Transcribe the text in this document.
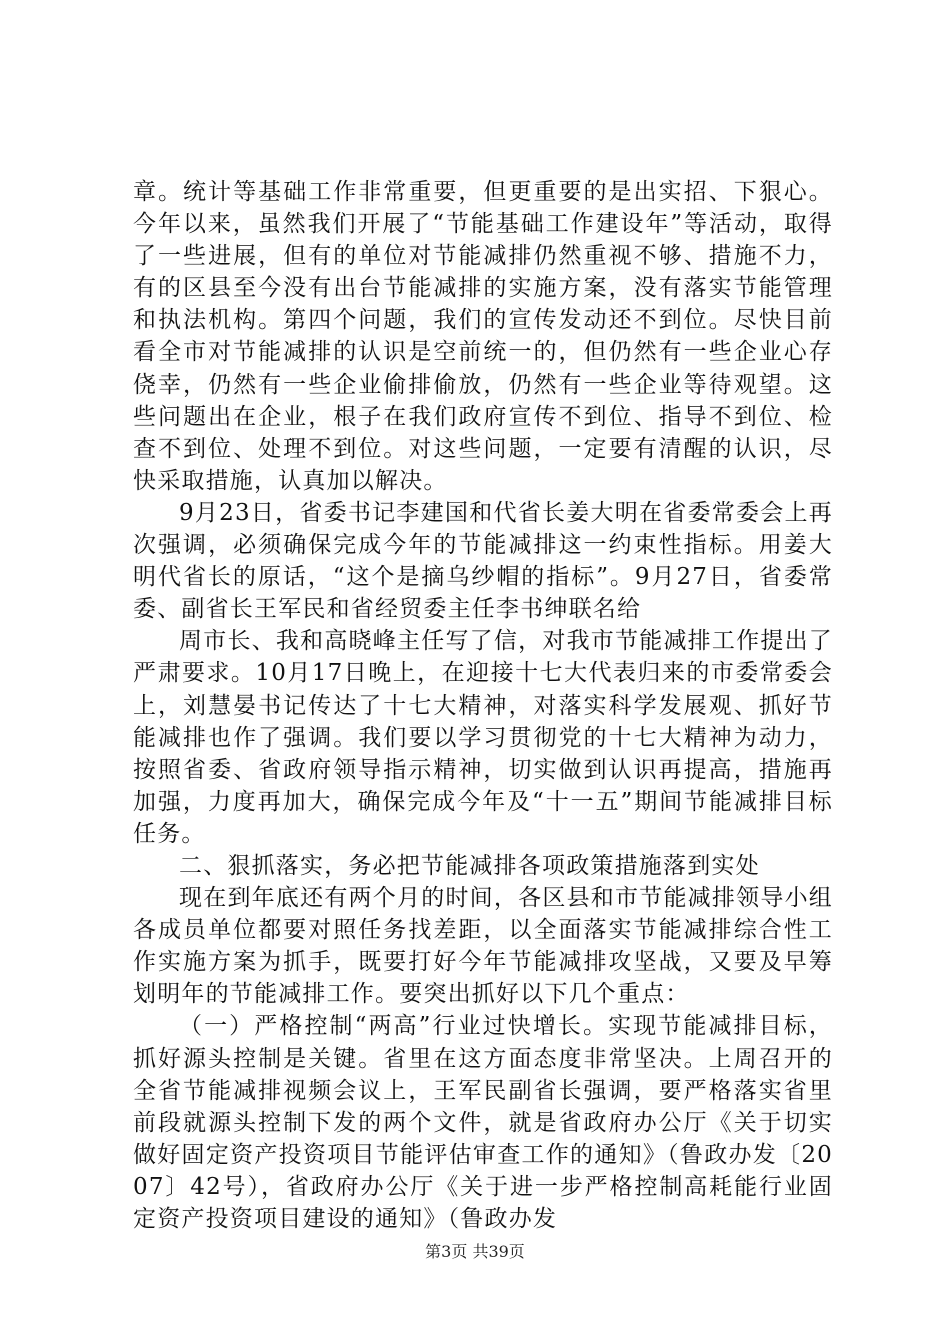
章。统计等基础工作非常重要，但更重要的是出实招、下狠心。今年以来，虽然我们开展了“节能基础工作建设年”等活动，取得了一些进展，但有的单位对节能减排仍然重视不够、措施不力，有的区县至今没有出台节能减排的实施方案，没有落实节能管理和执法机构。第四个问题，我们的宣传发动还不到位。尽快目前看全市对节能减排的认识是空前统一的，但仍然有一些企业心存侥幸，仍然有一些企业偷排偷放，仍然有一些企业等待观望。这些问题出在企业，根子在我们政府宣传不到位、指导不到位、检查不到位、处理不到位。对这些问题，一定要有清醒的认识，尽快采取措施，认真加以解决。

9月23日，省委书记李建国和代省长姜大明在省委常委会上再次强调，必须确保完成今年的节能减排这一约束性指标。用姜大明代省长的原话，“这个是摘乌纱帽的指标”。9月27日，省委常委、副省长王军民和省经贸委主任李书绅联名给

周市长、我和高晓峰主任写了信，对我市节能减排工作提出了严肃要求。10月17日晚上，在迎接十七大代表归来的市委常委会上，刘慧晏书记传达了十七大精神，对落实科学发展观、抓好节能减排也作了强调。我们要以学习贯彻党的十七大精神为动力，按照省委、省政府领导指示精神，切实做到认识再提高，措施再加强，力度再加大，确保完成今年及“十一五”期间节能减排目标任务。

二、狠抓落实，务必把节能减排各项政策措施落到实处

现在到年底还有两个月的时间，各区县和市节能减排领导小组各成员单位都要对照任务找差距，以全面落实节能减排综合性工作实施方案为抓手，既要打好今年节能减排攻坚战，又要及早筹划明年的节能减排工作。要突出抓好以下几个重点：

（一）严格控制“两高”行业过快增长。实现节能减排目标，抓好源头控制是关键。省里在这方面态度非常坚决。上周召开的全省节能减排视频会议上，王军民副省长强调，要严格落实省里前段就源头控制下发的两个文件，就是省政府办公厅《关于切实做好固定资产投资项目节能评估审查工作的通知》（鲁政办发〔2007〕42号），省政府办公厅《关于进一步严格控制高耗能行业固定资产投资项目建设的通知》（鲁政办发

第3页 共39页
